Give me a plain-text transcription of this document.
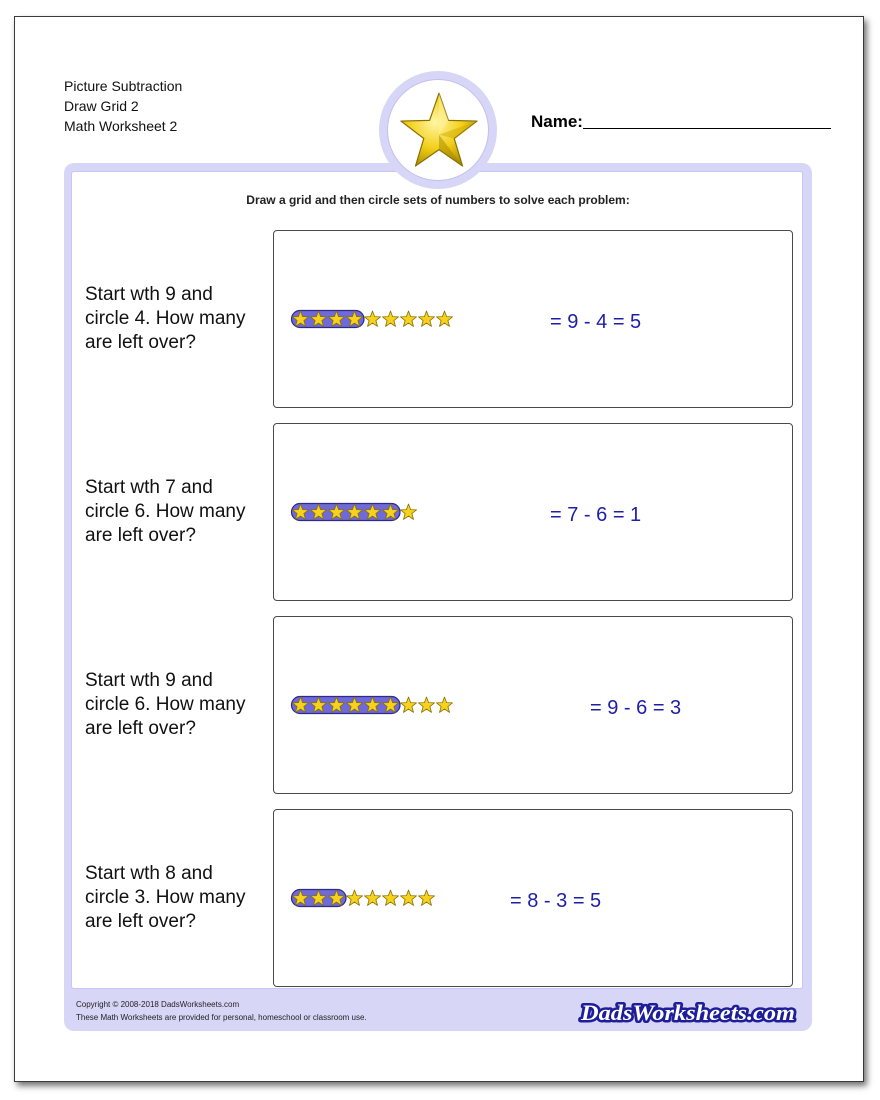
Picture Subtraction
Draw Grid 2
Math Worksheet 2	Name:
Draw a grid and then circle sets of numbers to solve each problem:
Start wth 9 and
circle 4. How many
are left over?
= 9 - 4 = 5
Start wth 7 and
circle 6. How many
are left over?
= 7 - 6 = 1
Start wth 9 and
circle 6. How many
are left over?
= 9 - 6 = 3
Start wth 8 and
circle 3. How many
are left over?
= 8 - 3 = 5
Copyright © 2008-2018 DadsWorksheets.com
These Math Worksheets are provided for personal, homeschool or classroom use.	DadsWorksheets.com
